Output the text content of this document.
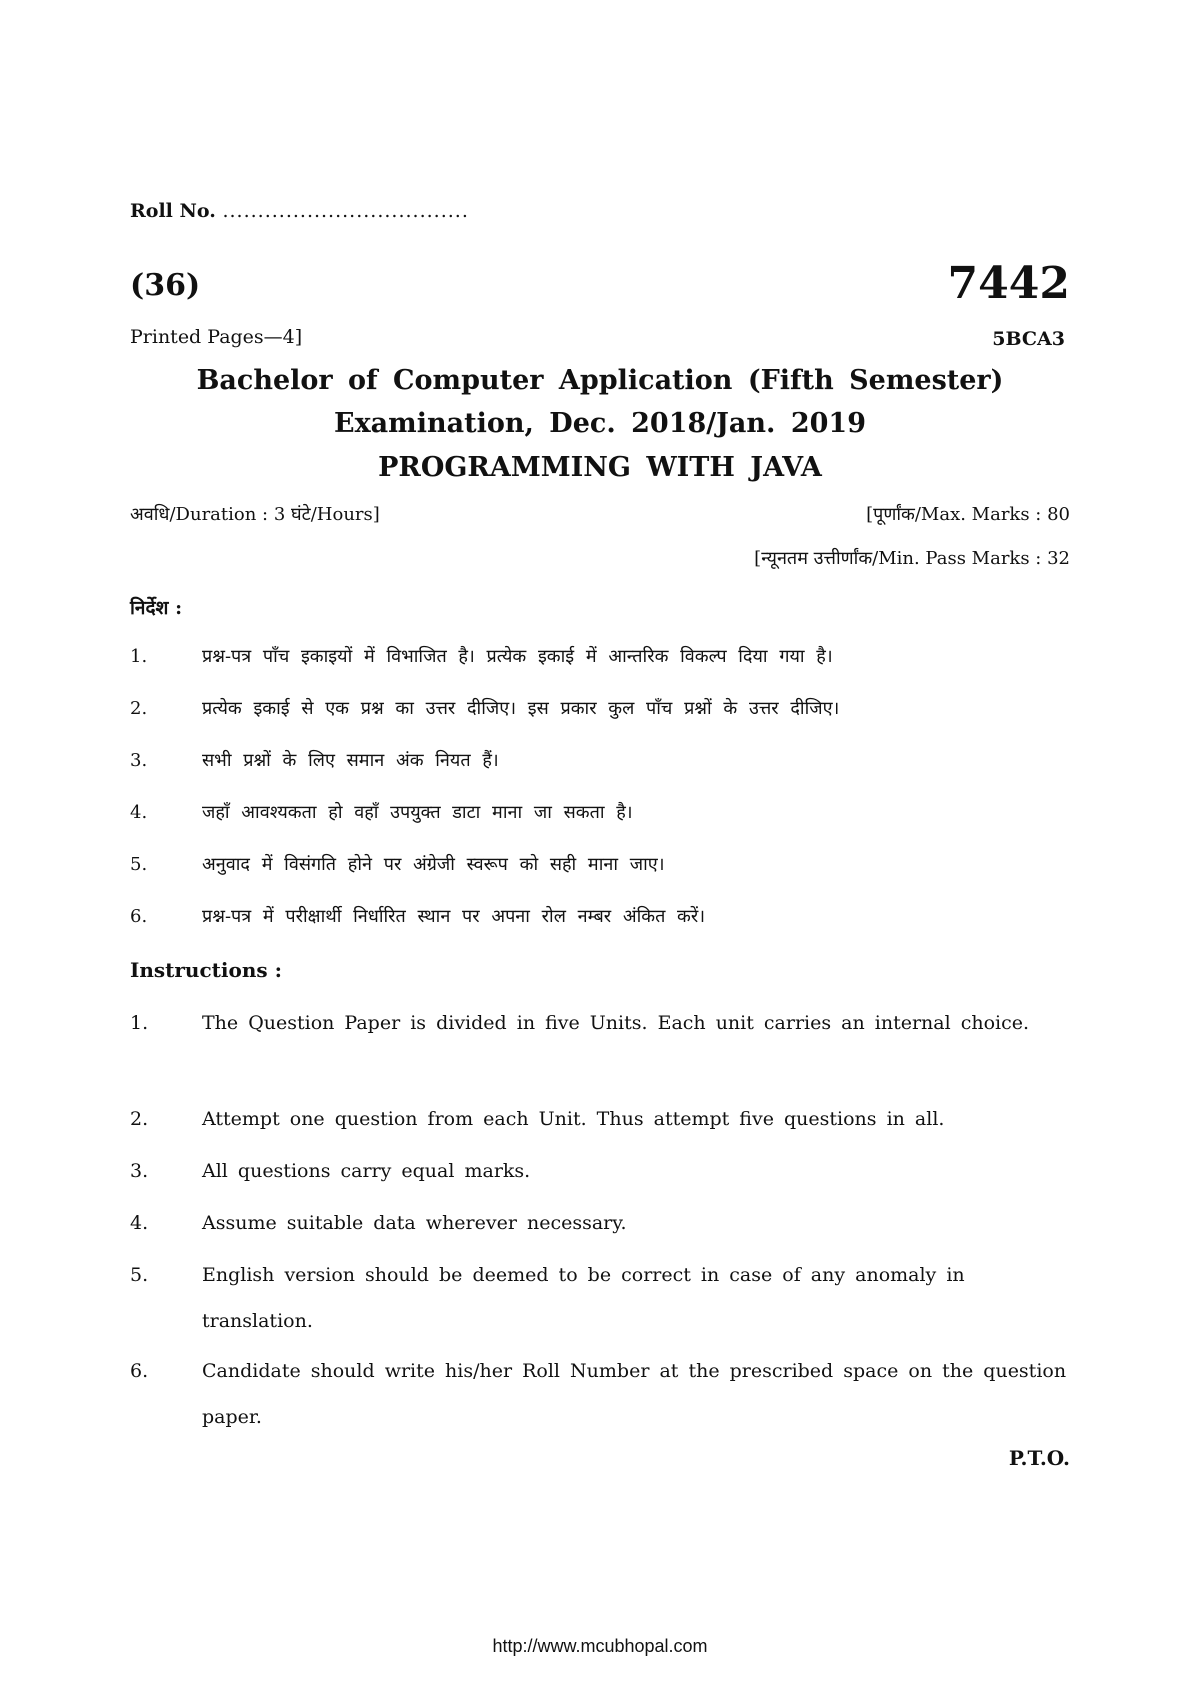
Roll No. ...................................
(36)	7442
Printed Pages—4]	5BCA3
Bachelor of Computer Application (Fifth Semester)
Examination, Dec. 2018/Jan. 2019
PROGRAMMING WITH JAVA
अवधि/Duration : 3 घंटे/Hours]	[पूर्णांक/Max. Marks : 80
[न्यूनतम उत्तीर्णांक/Min. Pass Marks : 32
निर्देश :
1.	प्रश्न-पत्र पाँच इकाइयों में विभाजित है। प्रत्येक इकाई में आन्तरिक विकल्प दिया गया है।
2.	प्रत्येक इकाई से एक प्रश्न का उत्तर दीजिए। इस प्रकार कुल पाँच प्रश्नों के उत्तर दीजिए।
3.	सभी प्रश्नों के लिए समान अंक नियत हैं।
4.	जहाँ आवश्यकता हो वहाँ उपयुक्त डाटा माना जा सकता है।
5.	अनुवाद में विसंगति होने पर अंग्रेजी स्वरूप को सही माना जाए।
6.	प्रश्न-पत्र में परीक्षार्थी निर्धारित स्थान पर अपना रोल नम्बर अंकित करें।
Instructions :
1.	The Question Paper is divided in five Units. Each unit carries an internal choice.
2.	Attempt one question from each Unit. Thus attempt five questions in all.
3.	All questions carry equal marks.
4.	Assume suitable data wherever necessary.
5.	English version should be deemed to be correct in case of any anomaly in translation.
6.	Candidate should write his/her Roll Number at the prescribed space on the question paper.
P.T.O.
http://www.mcubhopal.com
